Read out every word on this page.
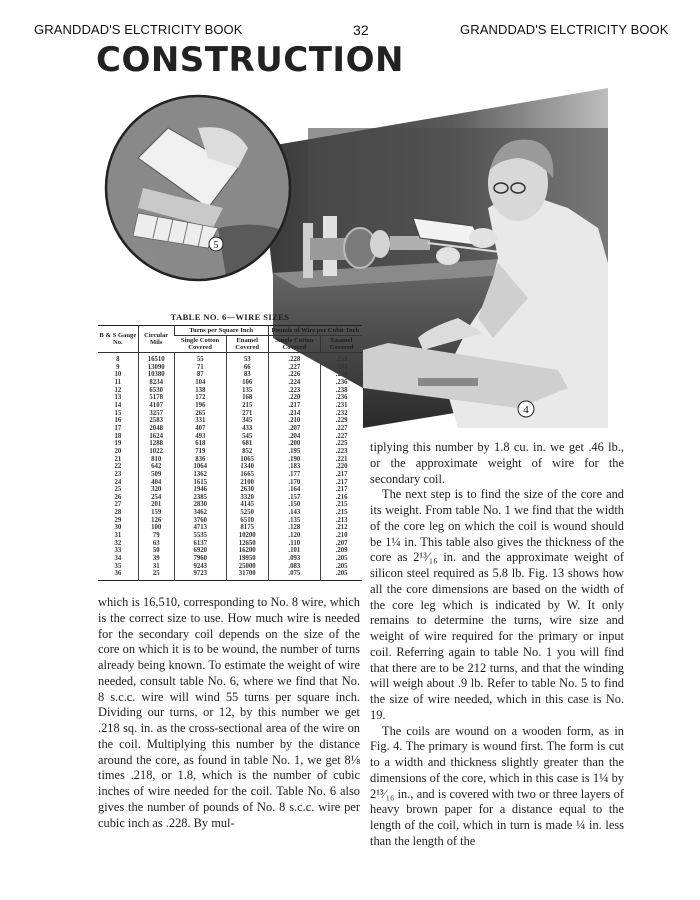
GRANDDAD'S ELCTRICITY BOOK	32	GRANDDAD'S ELCTRICITY BOOK
CONSTRUCTION
4
5
TABLE NO. 6—WIRE SIZES
B & S Gauge No.	Circular Mils	Turns per Square Inch		Pounds of Wire per Cubic Inch	
		Single Cotton Covered	Enamel Covered	Single Cotton Covered	Enamel Covered
8	16510	55	53	.228	.253
9	13090	71	66	.227	.244
10	10380	87	83	.226	.236
11	8234	104	106	.224	.236
12	6530	138	135	.223	.238
13	5178	172	168	.220	.236
14	4107	196	215	.217	.231
15	3257	265	271	.214	.232
16	2583	331	345	.210	.229
17	2048	407	433	.207	.227
18	1624	493	545	.204	.227
19	1288	618	681	.200	.225
20	1022	719	852	.195	.223
21	810	836	1065	.190	.221
22	642	1064	1340	.183	.220
23	509	1362	1665	.177	.217
24	404	1615	2100	.170	.217
25	320	1946	2630	.164	.217
26	254	2385	3320	.157	.216
27	201	2830	4145	.150	.215
28	159	3462	5250	.143	.215
29	126	3760	6510	.135	.213
30	100	4713	8175	.128	.212
31	79	5535	10200	.120	.210
32	63	6137	12650	.110	.207
33	50	6920	16200	.101	.209
34	39	7960	19950	.093	.205
35	31	9243	25000	.083	.205
36	25	9723	31700	.075	.205

which is 16,510, corresponding to No. 8 wire, which is the correct size to use. How much wire is needed for the secondary coil depends on the size of the core on which it is to be wound, the number of turns already being known. To estimate the weight of wire needed, consult table No. 6, where we find that No. 8 s.c.c. wire will wind 55 turns per square inch. Dividing our turns, or 12, by this number we get .218 sq. in. as the cross-sectional area of the wire on the coil. Multiplying this number by the distance around the core, as found in table No. 1, we get 8⅛ times .218, or 1.8, which is the number of cubic inches of wire needed for the coil. Table No. 6 also gives the number of pounds of No. 8 s.c.c. wire per cubic inch as .228. By mul-

tiplying this number by 1.8 cu. in. we get .46 lb., or the approximate weight of wire for the secondary coil.

The next step is to find the size of the core and its weight. From table No. 1 we find that the width of the core leg on which the coil is wound should be 1¼ in. This table also gives the thickness of the core as 2¹³⁄₁₆ in. and the approximate weight of silicon steel required as 5.8 lb. Fig. 13 shows how all the core dimensions are based on the width of the core leg which is indicated by W. It only remains to determine the turns, wire size and weight of wire required for the primary or input coil. Referring again to table No. 1 you will find that there are to be 212 turns, and that the winding will weigh about .9 lb. Refer to table No. 5 to find the size of wire needed, which in this case is No. 19.

The coils are wound on a wooden form, as in Fig. 4. The primary is wound first. The form is cut to a width and thickness slightly greater than the dimensions of the core, which in this case is 1¼ by 2¹³⁄₁₆ in., and is covered with two or three layers of heavy brown paper for a distance equal to the length of the coil, which in turn is made ¼ in. less than the length of the
